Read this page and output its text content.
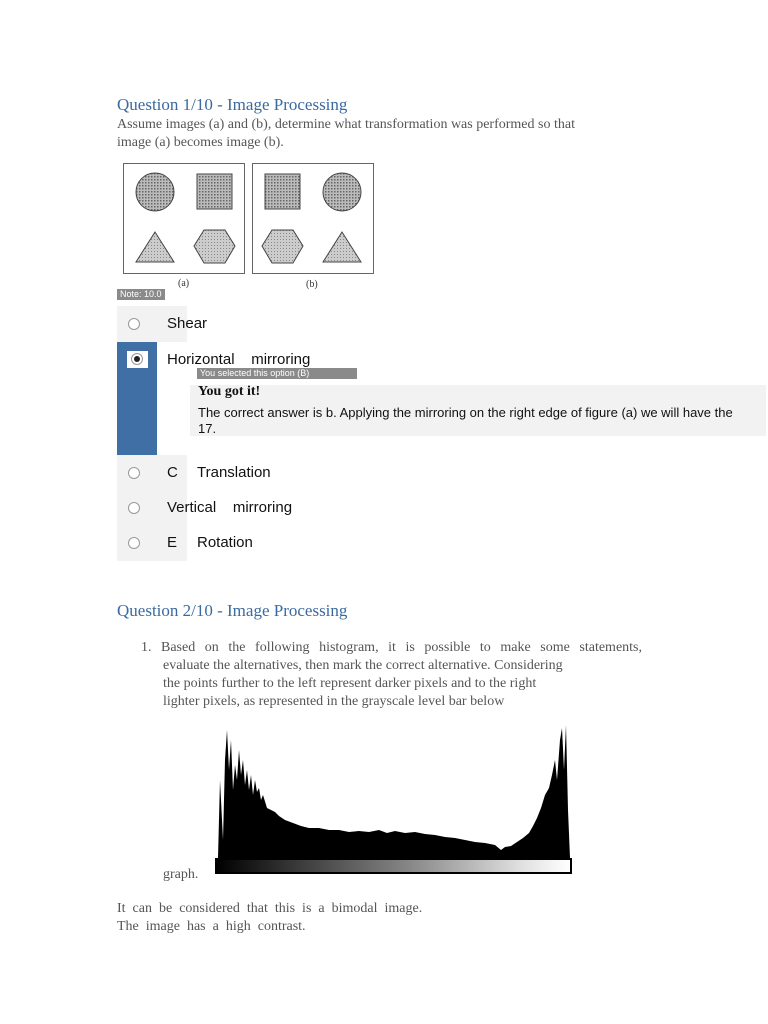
Question 1/10 - Image Processing
Assume images (a) and (b), determine what transformation was performed so that
image (a) becomes image (b).
(a)	(b)
Note: 10.0
Shear
Horizontal    mirroring
You selected this option (B)
You got it!
The correct answer is b. Applying the mirroring on the right edge of figure (a) we will have the
17.
C Translation
Vertical    mirroring
E Rotation
Question 2/10 - Image Processing
1. Based on the following histogram, it is possible to make some statements,
evaluate the alternatives, then mark the correct alternative. Considering
the points further to the left represent darker pixels and to the right
lighter pixels, as represented in the grayscale level bar below
graph.
It  can  be  considered  that  this  is  a  bimodal  image.
The  image  has  a  high  contrast.
